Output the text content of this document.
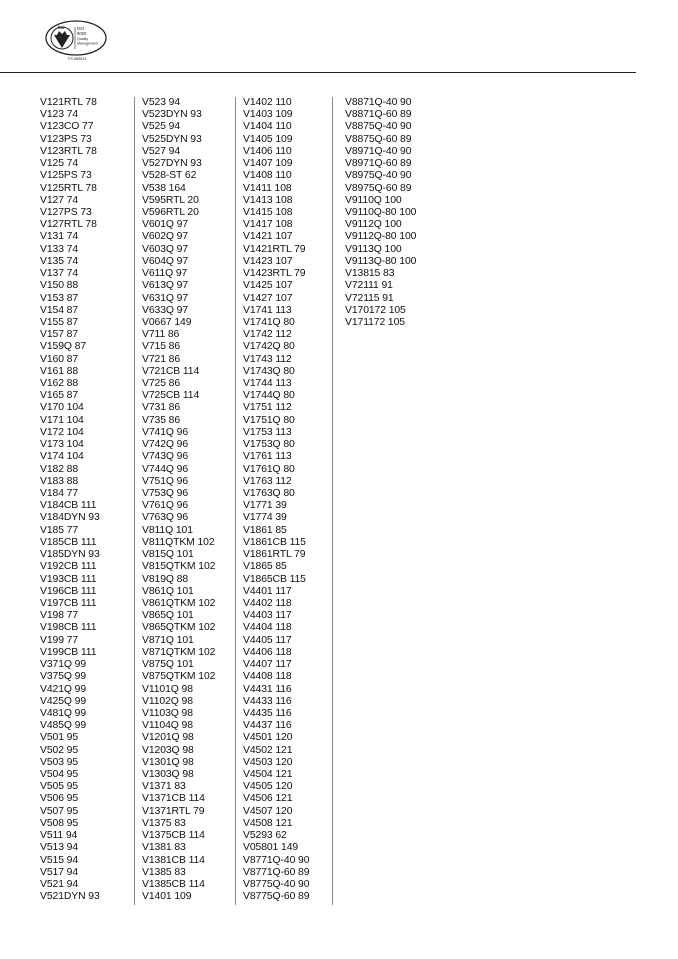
bsi	ISO
9000
Quality
Management
FS 559621
V121RTL 78
V123 74
V123CO 77
V123PS 73
V123RTL 78
V125 74
V125PS 73
V125RTL 78
V127 74
V127PS 73
V127RTL 78
V131 74
V133 74
V135 74
V137 74
V150 88
V153 87
V154 87
V155 87
V157 87
V159Q 87
V160 87
V161 88
V162 88
V165 87
V170 104
V171 104
V172 104
V173 104
V174 104
V182 88
V183 88
V184 77
V184CB 111
V184DYN 93
V185 77
V185CB 111
V185DYN 93
V192CB 111
V193CB 111
V196CB 111
V197CB 111
V198 77
V198CB 111
V199 77
V199CB 111
V371Q 99
V375Q 99
V421Q 99
V425Q 99
V481Q 99
V485Q 99
V501 95
V502 95
V503 95
V504 95
V505 95
V506 95
V507 95
V508 95
V511 94
V513 94
V515 94
V517 94
V521 94
V521DYN 93
V523 94
V523DYN 93
V525 94
V525DYN 93
V527 94
V527DYN 93
V528-ST 62
V538 164
V595RTL 20
V596RTL 20
V601Q 97
V602Q 97
V603Q 97
V604Q 97
V611Q 97
V613Q 97
V631Q 97
V633Q 97
V0667 149
V711 86
V715 86
V721 86
V721CB 114
V725 86
V725CB 114
V731 86
V735 86
V741Q 96
V742Q 96
V743Q 96
V744Q 96
V751Q 96
V753Q 96
V761Q 96
V763Q 96
V811Q 101
V811QTKM 102
V815Q 101
V815QTKM 102
V819Q 88
V861Q 101
V861QTKM 102
V865Q 101
V865QTKM 102
V871Q 101
V871QTKM 102
V875Q 101
V875QTKM 102
V1101Q 98
V1102Q 98
V1103Q 98
V1104Q 98
V1201Q 98
V1203Q 98
V1301Q 98
V1303Q 98
V1371 83
V1371CB 114
V1371RTL 79
V1375 83
V1375CB 114
V1381 83
V1381CB 114
V1385 83
V1385CB 114
V1401 109
V1402 110
V1403 109
V1404 110
V1405 109
V1406 110
V1407 109
V1408 110
V1411 108
V1413 108
V1415 108
V1417 108
V1421 107
V1421RTL 79
V1423 107
V1423RTL 79
V1425 107
V1427 107
V1741 113
V1741Q 80
V1742 112
V1742Q 80
V1743 112
V1743Q 80
V1744 113
V1744Q 80
V1751 112
V1751Q 80
V1753 113
V1753Q 80
V1761 113
V1761Q 80
V1763 112
V1763Q 80
V1771 39
V1774 39
V1861 85
V1861CB 115
V1861RTL 79
V1865 85
V1865CB 115
V4401 117
V4402 118
V4403 117
V4404 118
V4405 117
V4406 118
V4407 117
V4408 118
V4431 116
V4433 116
V4435 116
V4437 116
V4501 120
V4502 121
V4503 120
V4504 121
V4505 120
V4506 121
V4507 120
V4508 121
V5293 62
V05801 149
V8771Q-40 90
V8771Q-60 89
V8775Q-40 90
V8775Q-60 89
V8871Q-40 90
V8871Q-60 89
V8875Q-40 90
V8875Q-60 89
V8971Q-40 90
V8971Q-60 89
V8975Q-40 90
V8975Q-60 89
V9110Q 100
V9110Q-80 100
V9112Q 100
V9112Q-80 100
V9113Q 100
V9113Q-80 100
V13815 83
V72111 91
V72115 91
V170172 105
V171172 105
